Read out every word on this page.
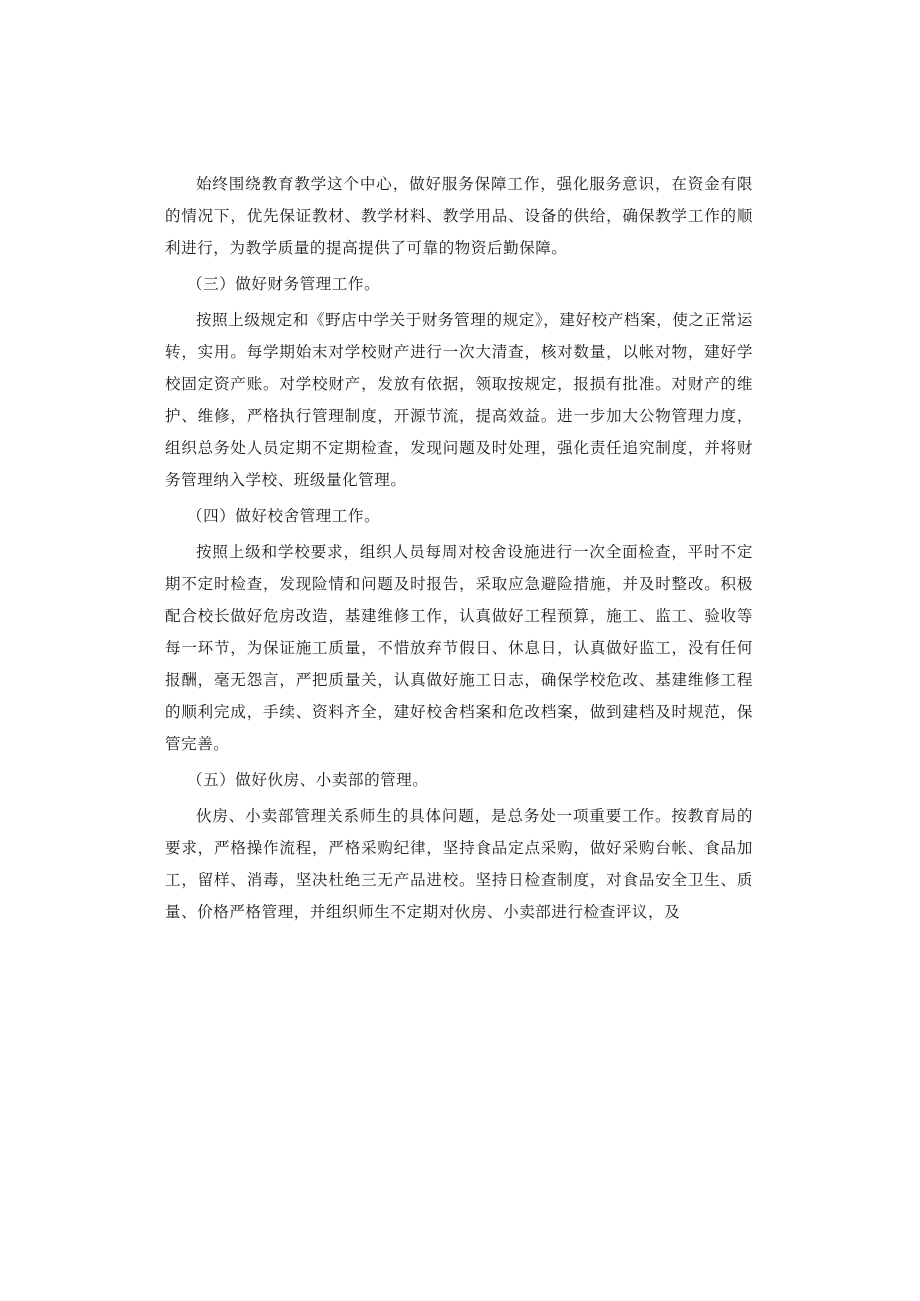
始终围绕教育教学这个中心，做好服务保障工作，强化服务意识，在资金有限的情况下，优先保证教材、教学材料、教学用品、设备的供给，确保教学工作的顺利进行，为教学质量的提高提供了可靠的物资后勤保障。

（三）做好财务管理工作。

按照上级规定和《野店中学关于财务管理的规定》，建好校产档案，使之正常运转，实用。每学期始末对学校财产进行一次大清查，核对数量，以帐对物，建好学校固定资产账。对学校财产，发放有依据，领取按规定，报损有批准。对财产的维护、维修，严格执行管理制度，开源节流，提高效益。进一步加大公物管理力度，组织总务处人员定期不定期检查，发现问题及时处理，强化责任追究制度，并将财务管理纳入学校、班级量化管理。

（四）做好校舍管理工作。

按照上级和学校要求，组织人员每周对校舍设施进行一次全面检查，平时不定期不定时检查，发现险情和问题及时报告，采取应急避险措施，并及时整改。积极配合校长做好危房改造，基建维修工作，认真做好工程预算，施工、监工、验收等每一环节，为保证施工质量，不惜放弃节假日、休息日，认真做好监工，没有任何报酬，毫无怨言，严把质量关，认真做好施工日志，确保学校危改、基建维修工程的顺利完成，手续、资料齐全，建好校舍档案和危改档案，做到建档及时规范，保管完善。

（五）做好伙房、小卖部的管理。

伙房、小卖部管理关系师生的具体问题，是总务处一项重要工作。按教育局的要求，严格操作流程，严格采购纪律，坚持食品定点采购，做好采购台帐、食品加工，留样、消毒，坚决杜绝三无产品进校。坚持日检查制度，对食品安全卫生、质量、价格严格管理，并组织师生不定期对伙房、小卖部进行检查评议，及
